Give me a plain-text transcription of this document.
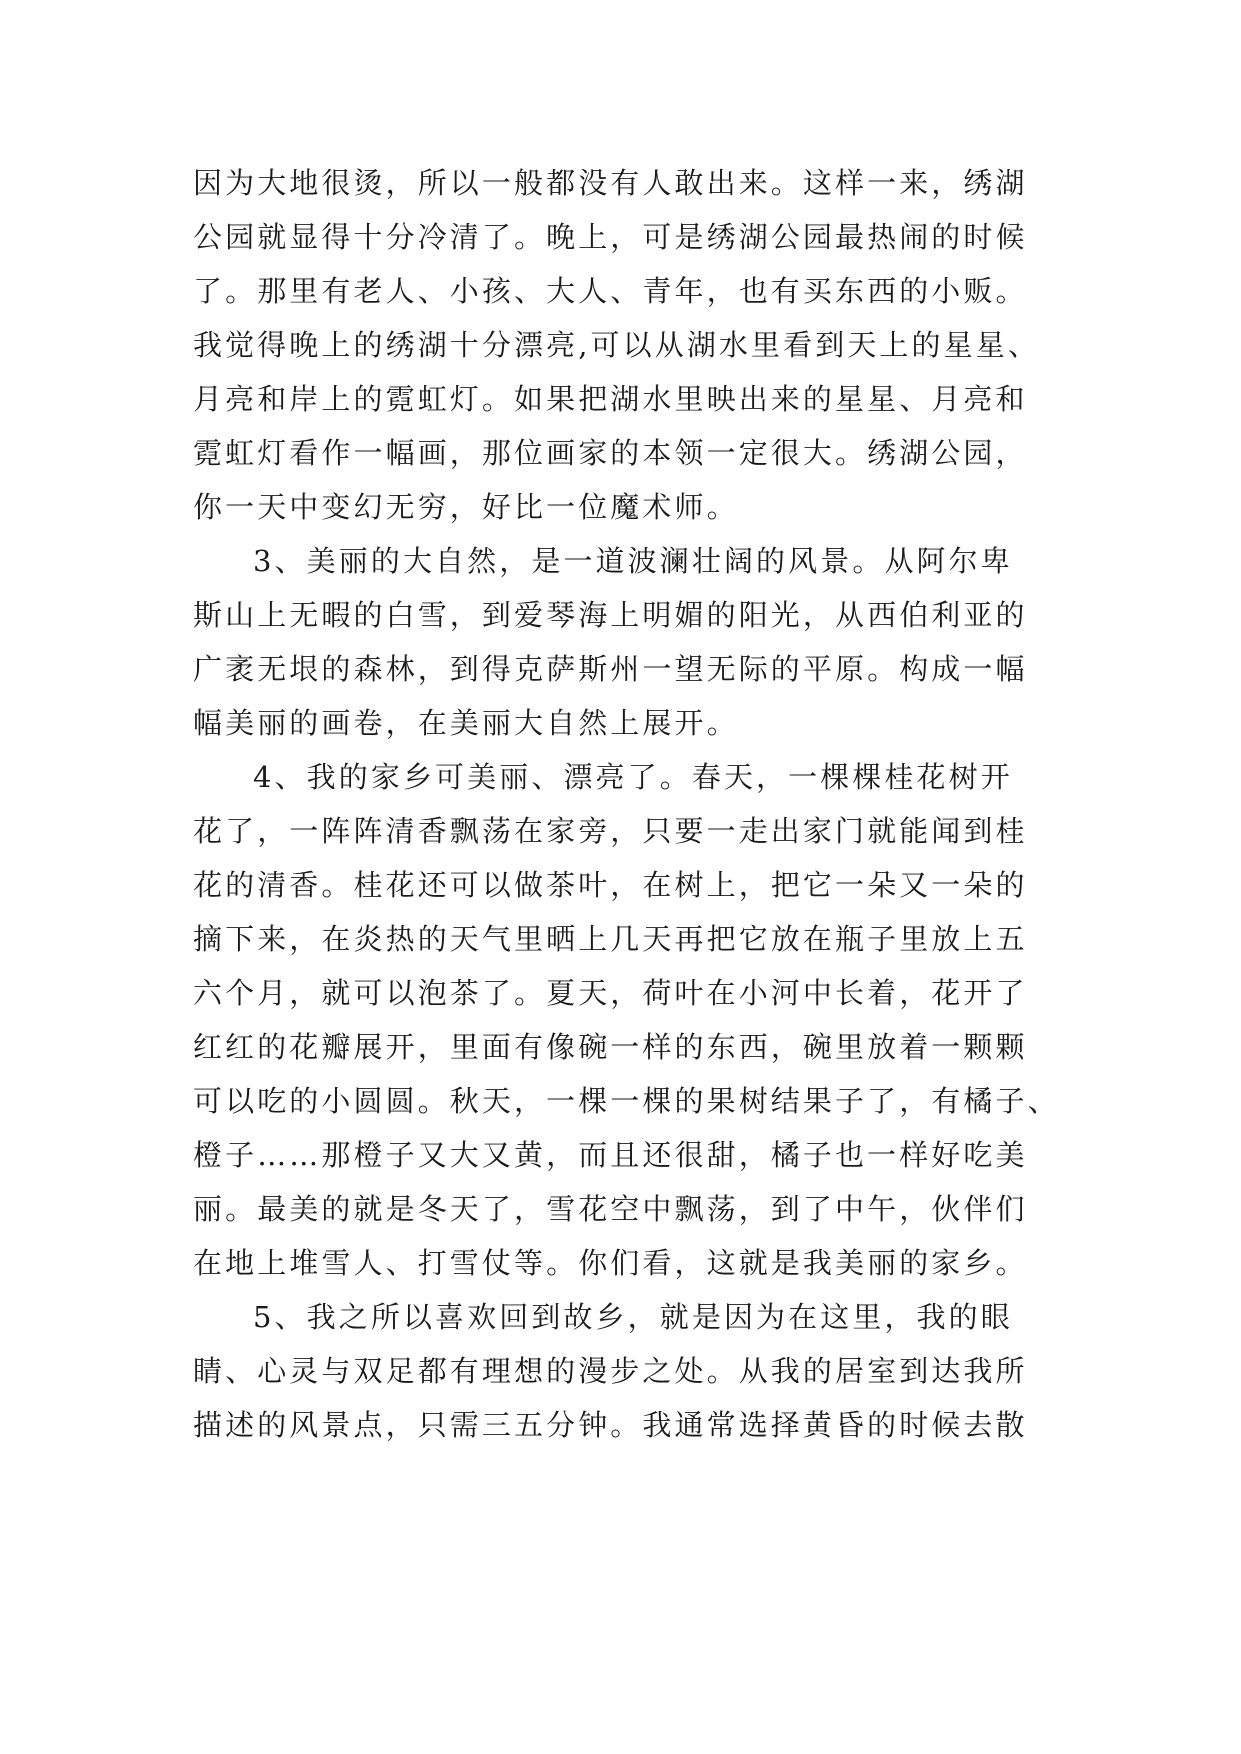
因为大地很烫，所以一般都没有人敢出来。这样一来，绣湖
公园就显得十分冷清了。晚上，可是绣湖公园最热闹的时候
了。那里有老人、小孩、大人、青年，也有买东西的小贩。
我觉得晚上的绣湖十分漂亮,可以从湖水里看到天上的星星、
月亮和岸上的霓虹灯。如果把湖水里映出来的星星、月亮和
霓虹灯看作一幅画，那位画家的本领一定很大。绣湖公园，
你一天中变幻无穷，好比一位魔术师。
3、美丽的大自然，是一道波澜壮阔的风景。从阿尔卑
斯山上无暇的白雪，到爱琴海上明媚的阳光，从西伯利亚的
广袤无垠的森林，到得克萨斯州一望无际的平原。构成一幅
幅美丽的画卷，在美丽大自然上展开。
4、我的家乡可美丽、漂亮了。春天，一棵棵桂花树开
花了，一阵阵清香飘荡在家旁，只要一走出家门就能闻到桂
花的清香。桂花还可以做茶叶，在树上，把它一朵又一朵的
摘下来，在炎热的天气里晒上几天再把它放在瓶子里放上五
六个月，就可以泡茶了。夏天，荷叶在小河中长着，花开了
红红的花瓣展开，里面有像碗一样的东西，碗里放着一颗颗
可以吃的小圆圆。秋天，一棵一棵的果树结果子了，有橘子、
橙子……那橙子又大又黄，而且还很甜，橘子也一样好吃美
丽。最美的就是冬天了，雪花空中飘荡，到了中午，伙伴们
在地上堆雪人、打雪仗等。你们看，这就是我美丽的家乡。
5、我之所以喜欢回到故乡，就是因为在这里，我的眼
睛、心灵与双足都有理想的漫步之处。从我的居室到达我所
描述的风景点，只需三五分钟。我通常选择黄昏的时候去散
